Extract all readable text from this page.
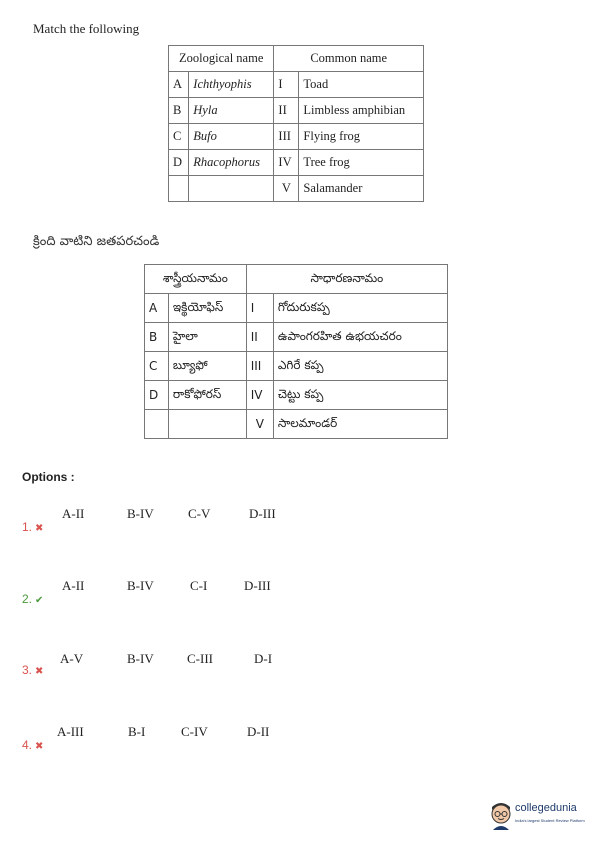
Match the following
Zoological name		Common name	
A	Ichthyophis	I	Toad
B	Hyla	II	Limbless amphibian
C	Bufo	III	Flying frog
D	Rhacophorus	IV	Tree frog
		V	Salamander
క్రింది వాటిని జతపరచండి
శాస్త్రీయనామం		సాధారణనామం	
A	ఇక్థియోఫిస్	I	గోదురుకప్ప
B	హైలా	II	ఉపాంగరహిత ఉభయచరం
C	బ్యూఫో	III	ఎగిరే కప్ప
D	రాకోఫోరస్	IV	చెట్టు కప్ప
		V	సాలమాండర్
Options :
A-II	B-IV	C-V	D-III
1. ✖
A-II	B-IV	C-I	D-III
2. ✔
A-V	B-IV	C-III	D-I
3. ✖
A-III	B-I	C-IV	D-II
4. ✖
collegedunia
India's largest Student Review Platform
